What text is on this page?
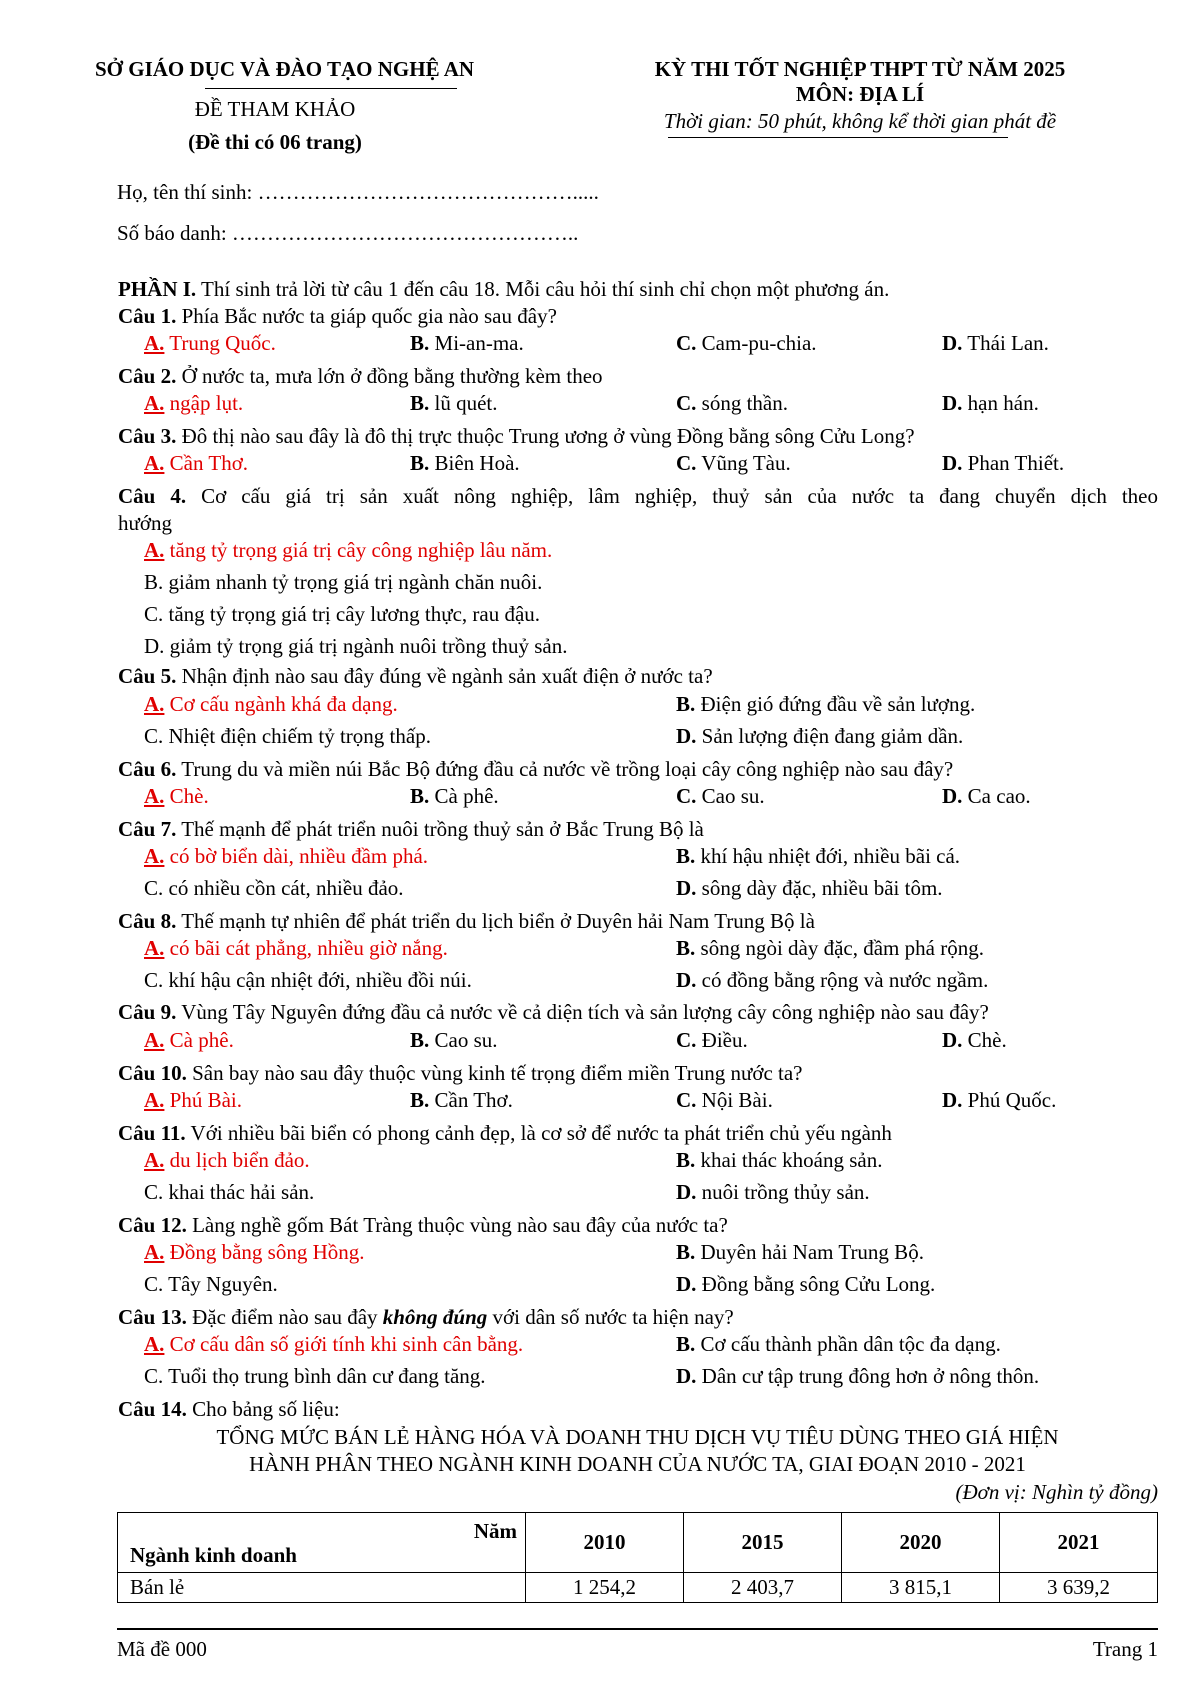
SỞ GIÁO DỤC VÀ ĐÀO TẠO NGHỆ AN
ĐỀ THAM KHẢO
(Đề thi có 06 trang)
KỲ THI TỐT NGHIỆP THPT TỪ NĂM 2025
MÔN: ĐỊA LÍ
Thời gian: 50 phút, không kể thời gian phát đề
Họ, tên thí sinh: ……………………………………….....
Số báo danh: …………………………………………..
PHẦN I. Thí sinh trả lời từ câu 1 đến câu 18. Mỗi câu hỏi thí sinh chỉ chọn một phương án.
Câu 1. Phía Bắc nước ta giáp quốc gia nào sau đây?
A. Trung Quốc.	B. Mi-an-ma.	C. Cam-pu-chia.	D. Thái Lan.
Câu 2. Ở nước ta, mưa lớn ở đồng bằng thường kèm theo
A. ngập lụt.	B. lũ quét.	C. sóng thần.	D. hạn hán.
Câu 3. Đô thị nào sau đây là đô thị trực thuộc Trung ương ở vùng Đồng bằng sông Cửu Long?
A. Cần Thơ.	B. Biên Hoà.	C. Vũng Tàu.	D. Phan Thiết.
Câu 4. Cơ cấu giá trị sản xuất nông nghiệp, lâm nghiệp, thuỷ sản của nước ta đang chuyển dịch theo
hướng
A. tăng tỷ trọng giá trị cây công nghiệp lâu năm.
B. giảm nhanh tỷ trọng giá trị ngành chăn nuôi.
C. tăng tỷ trọng giá trị cây lương thực, rau đậu.
D. giảm tỷ trọng giá trị ngành nuôi trồng thuỷ sản.
Câu 5. Nhận định nào sau đây đúng về ngành sản xuất điện ở nước ta?
A. Cơ cấu ngành khá đa dạng.	B. Điện gió đứng đầu về sản lượng.
C. Nhiệt điện chiếm tỷ trọng thấp.	D. Sản lượng điện đang giảm dần.
Câu 6. Trung du và miền núi Bắc Bộ đứng đầu cả nước về trồng loại cây công nghiệp nào sau đây?
A. Chè.	B. Cà phê.	C. Cao su.	D. Ca cao.
Câu 7. Thế mạnh để phát triển nuôi trồng thuỷ sản ở Bắc Trung Bộ là
A. có bờ biển dài, nhiều đầm phá.	B. khí hậu nhiệt đới, nhiều bãi cá.
C. có nhiều cồn cát, nhiều đảo.	D. sông dày đặc, nhiều bãi tôm.
Câu 8. Thế mạnh tự nhiên để phát triển du lịch biển ở Duyên hải Nam Trung Bộ là
A. có bãi cát phẳng, nhiều giờ nắng.	B. sông ngòi dày đặc, đầm phá rộng.
C. khí hậu cận nhiệt đới, nhiều đồi núi.	D. có đồng bằng rộng và nước ngầm.
Câu 9. Vùng Tây Nguyên đứng đầu cả nước về cả diện tích và sản lượng cây công nghiệp nào sau đây?
A. Cà phê.	B. Cao su.	C. Điều.	D. Chè.
Câu 10. Sân bay nào sau đây thuộc vùng kinh tế trọng điểm miền Trung nước ta?
A. Phú Bài.	B. Cần Thơ.	C. Nội Bài.	D. Phú Quốc.
Câu 11. Với nhiều bãi biển có phong cảnh đẹp, là cơ sở để nước ta phát triển chủ yếu ngành
A. du lịch biển đảo.	B. khai thác khoáng sản.
C. khai thác hải sản.	D. nuôi trồng thủy sản.
Câu 12. Làng nghề gốm Bát Tràng thuộc vùng nào sau đây của nước ta?
A. Đồng bằng sông Hồng.	B. Duyên hải Nam Trung Bộ.
C. Tây Nguyên.	D. Đồng bằng sông Cửu Long.
Câu 13. Đặc điểm nào sau đây không đúng với dân số nước ta hiện nay?
A. Cơ cấu dân số giới tính khi sinh cân bằng.	B. Cơ cấu thành phần dân tộc đa dạng.
C. Tuổi thọ trung bình dân cư đang tăng.	D. Dân cư tập trung đông hơn ở nông thôn.
Câu 14. Cho bảng số liệu:
TỔNG MỨC BÁN LẺ HÀNG HÓA VÀ DOANH THU DỊCH VỤ TIÊU DÙNG THEO GIÁ HIỆN
HÀNH PHÂN THEO NGÀNH KINH DOANH CỦA NƯỚC TA, GIAI ĐOẠN 2010 - 2021
(Đơn vị: Nghìn tỷ đồng)
Năm
Ngành kinh doanh	2010	2015	2020	2021
Bán lẻ	1 254,2	2 403,7	3 815,1	3 639,2
Mã đề 000	Trang 1
